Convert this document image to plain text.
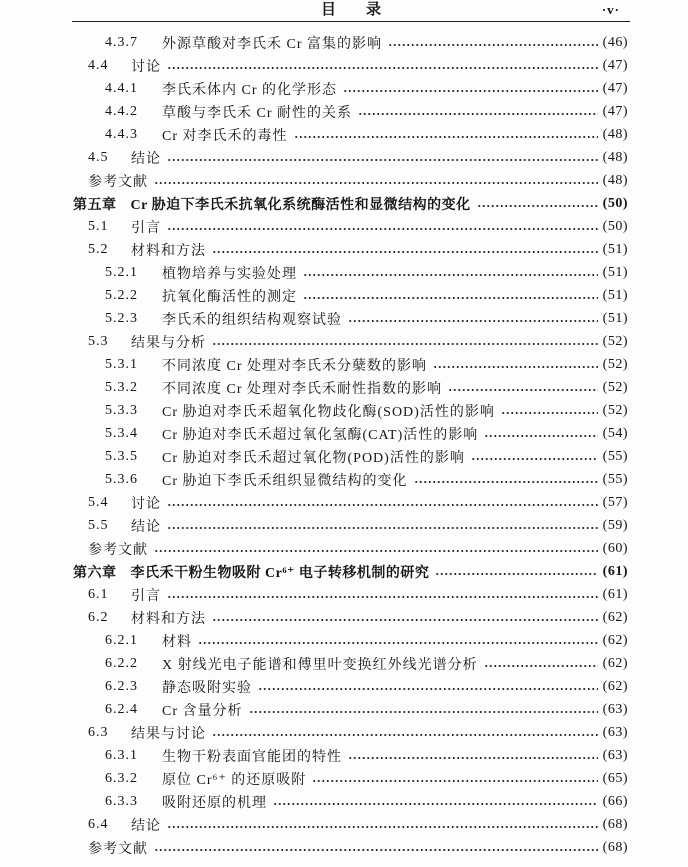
目　　录	·v·
4.3.7	外源草酸对李氏禾 Cr 富集的影响	(46)
4.4	讨论	(47)
4.4.1	李氏禾体内 Cr 的化学形态	(47)
4.4.2	草酸与李氏禾 Cr 耐性的关系	(47)
4.4.3	Cr 对李氏禾的毒性	(48)
4.5	结论	(48)
参考文献	(48)
第五章 Cr 胁迫下李氏禾抗氧化系统酶活性和显微结构的变化	(50)
5.1	引言	(50)
5.2	材料和方法	(51)
5.2.1	植物培养与实验处理	(51)
5.2.2	抗氧化酶活性的测定	(51)
5.2.3	李氏禾的组织结构观察试验	(51)
5.3	结果与分析	(52)
5.3.1	不同浓度 Cr 处理对李氏禾分蘖数的影响	(52)
5.3.2	不同浓度 Cr 处理对李氏禾耐性指数的影响	(52)
5.3.3	Cr 胁迫对李氏禾超氧化物歧化酶(SOD)活性的影响	(52)
5.3.4	Cr 胁迫对李氏禾超过氧化氢酶(CAT)活性的影响	(54)
5.3.5	Cr 胁迫对李氏禾超过氧化物(POD)活性的影响	(55)
5.3.6	Cr 胁迫下李氏禾组织显微结构的变化	(55)
5.4	讨论	(57)
5.5	结论	(59)
参考文献	(60)
第六章 李氏禾干粉生物吸附 Cr⁶⁺ 电子转移机制的研究	(61)
6.1	引言	(61)
6.2	材料和方法	(62)
6.2.1	材料	(62)
6.2.2	X 射线光电子能谱和傅里叶变换红外线光谱分析	(62)
6.2.3	静态吸附实验	(62)
6.2.4	Cr 含量分析	(63)
6.3	结果与讨论	(63)
6.3.1	生物干粉表面官能团的特性	(63)
6.3.2	原位 Cr⁶⁺ 的还原吸附	(65)
6.3.3	吸附还原的机理	(66)
6.4	结论	(68)
参考文献	(68)
